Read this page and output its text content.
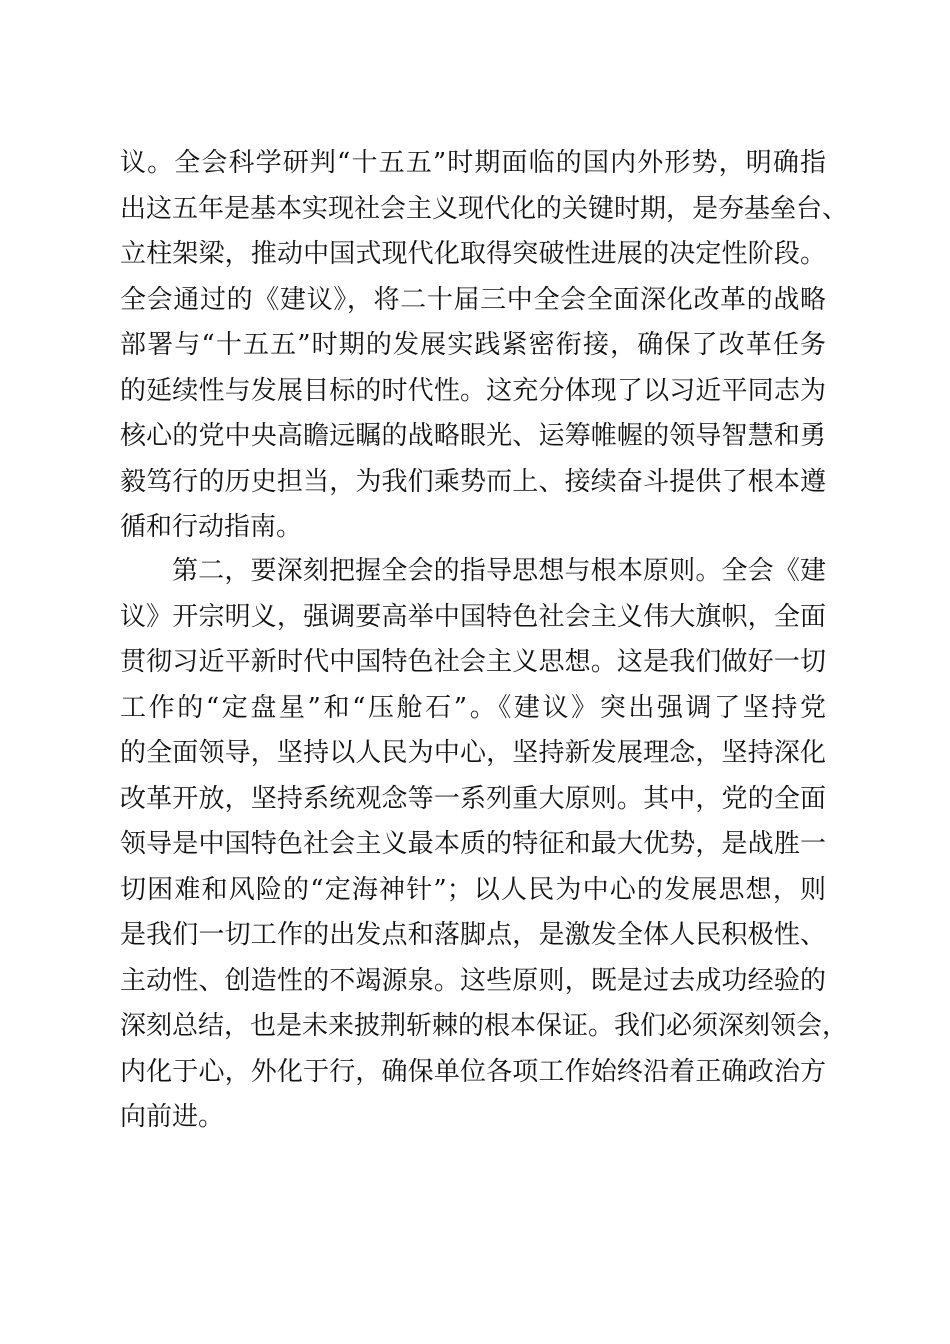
议。全会科学研判“十五五”时期面临的国内外形势，明确指
出这五年是基本实现社会主义现代化的关键时期，是夯基垒台、
立柱架梁，推动中国式现代化取得突破性进展的决定性阶段。
全会通过的《建议》，将二十届三中全会全面深化改革的战略
部署与“十五五”时期的发展实践紧密衔接，确保了改革任务
的延续性与发展目标的时代性。这充分体现了以习近平同志为
核心的党中央高瞻远瞩的战略眼光、运筹帷幄的领导智慧和勇
毅笃行的历史担当，为我们乘势而上、接续奋斗提供了根本遵
循和行动指南。
第二，要深刻把握全会的指导思想与根本原则。全会《建
议》开宗明义，强调要高举中国特色社会主义伟大旗帜，全面
贯彻习近平新时代中国特色社会主义思想。这是我们做好一切
工作的“定盘星”和“压舱石”。《建议》突出强调了坚持党
的全面领导，坚持以人民为中心，坚持新发展理念，坚持深化
改革开放，坚持系统观念等一系列重大原则。其中，党的全面
领导是中国特色社会主义最本质的特征和最大优势，是战胜一
切困难和风险的“定海神针”；以人民为中心的发展思想，则
是我们一切工作的出发点和落脚点，是激发全体人民积极性、
主动性、创造性的不竭源泉。这些原则，既是过去成功经验的
深刻总结，也是未来披荆斩棘的根本保证。我们必须深刻领会，
内化于心，外化于行，确保单位各项工作始终沿着正确政治方
向前进。
